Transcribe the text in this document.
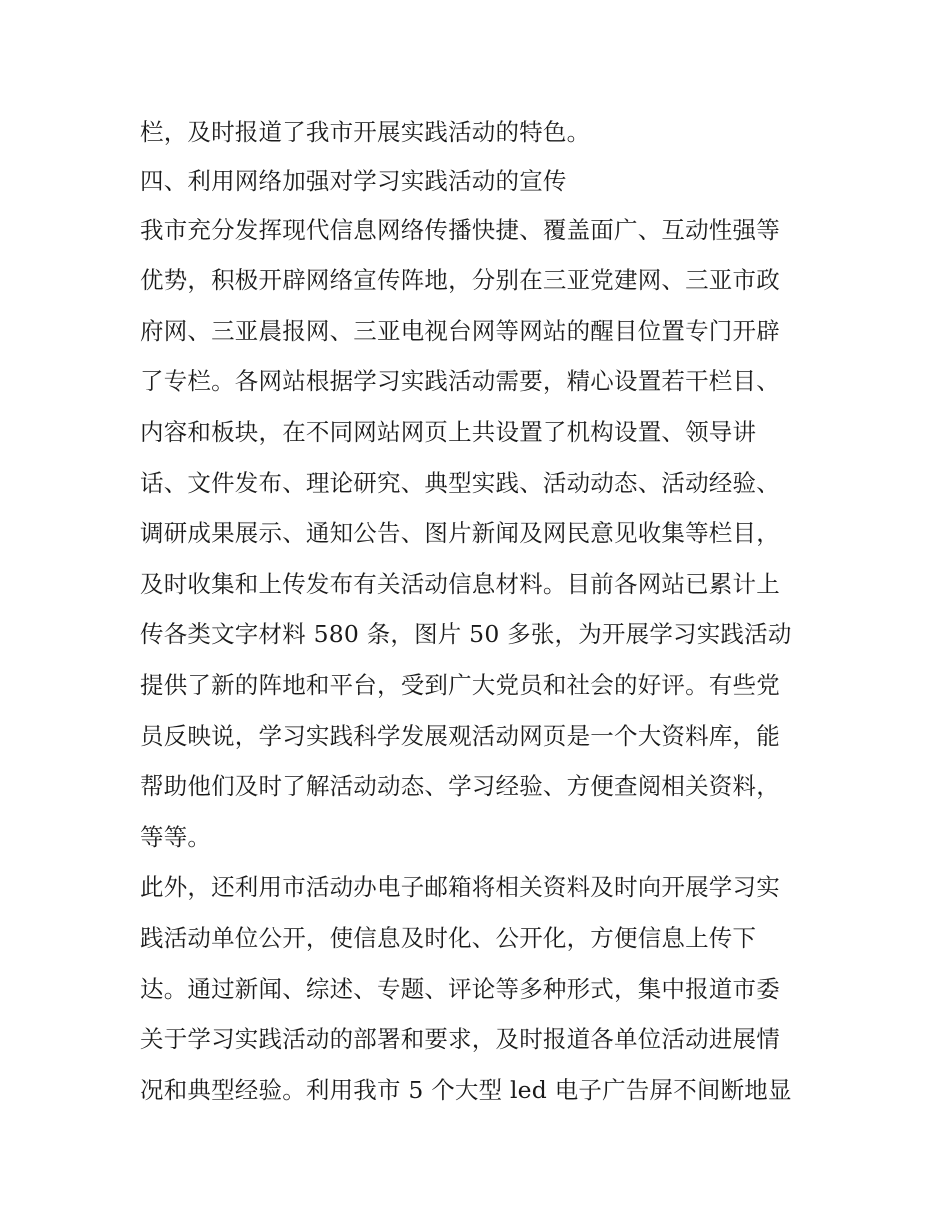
栏，及时报道了我市开展实践活动的特色。
四、利用网络加强对学习实践活动的宣传
我市充分发挥现代信息网络传播快捷、覆盖面广、互动性强等
优势，积极开辟网络宣传阵地，分别在三亚党建网、三亚市政
府网、三亚晨报网、三亚电视台网等网站的醒目位置专门开辟
了专栏。各网站根据学习实践活动需要，精心设置若干栏目、
内容和板块，在不同网站网页上共设置了机构设置、领导讲
话、文件发布、理论研究、典型实践、活动动态、活动经验、
调研成果展示、通知公告、图片新闻及网民意见收集等栏目，
及时收集和上传发布有关活动信息材料。目前各网站已累计上
传各类文字材料 580 条，图片 50 多张，为开展学习实践活动
提供了新的阵地和平台，受到广大党员和社会的好评。有些党
员反映说，学习实践科学发展观活动网页是一个大资料库，能
帮助他们及时了解活动动态、学习经验、方便查阅相关资料，
等等。
此外，还利用市活动办电子邮箱将相关资料及时向开展学习实
践活动单位公开，使信息及时化、公开化，方便信息上传下
达。通过新闻、综述、专题、评论等多种形式，集中报道市委
关于学习实践活动的部署和要求，及时报道各单位活动进展情
况和典型经验。利用我市 5 个大型 led 电子广告屏不间断地显
